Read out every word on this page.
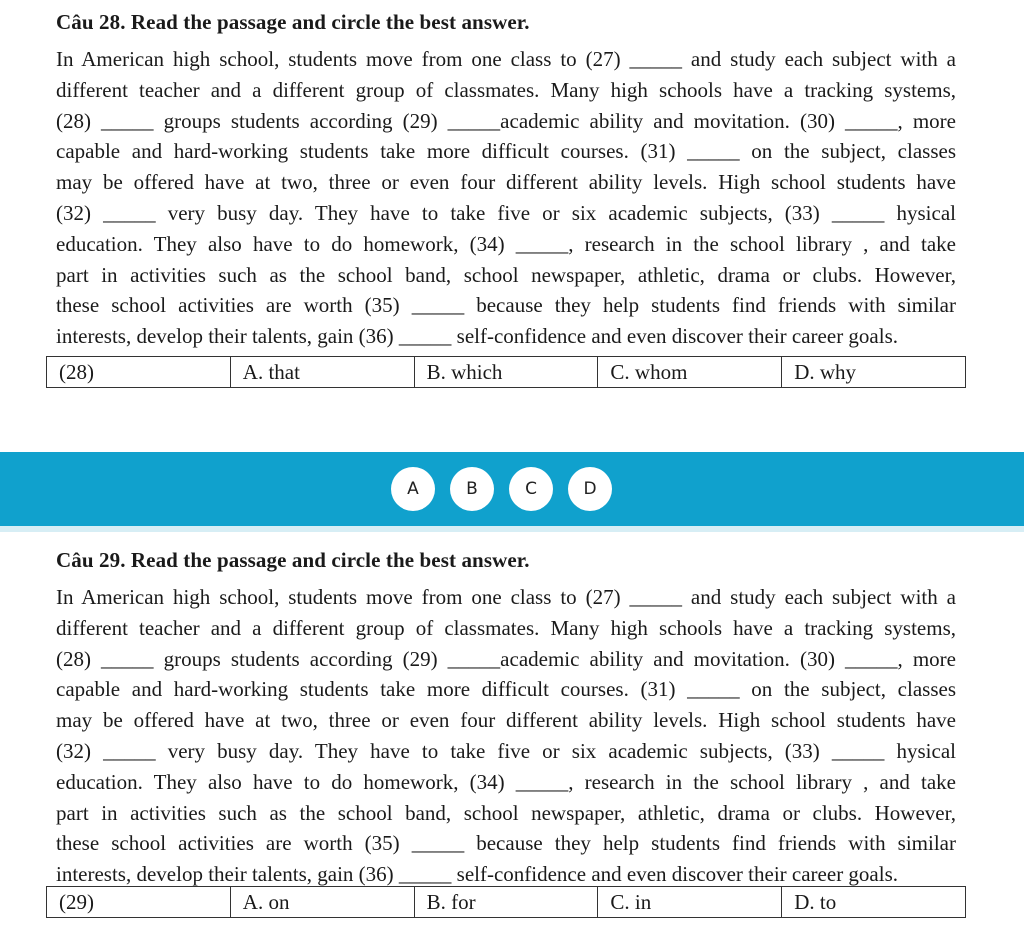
Câu 28. Read the passage and circle the best answer.
In American high school, students move from one class to (27) _____ and study each subject with a
different teacher and a different group of classmates. Many high schools have a tracking systems,
(28) _____ groups students according (29) _____academic ability and movitation. (30) _____, more
capable and hard-working students take more difficult courses. (31) _____ on the subject, classes
may be offered have at two, three or even four different ability levels. High school students have
(32) _____ very busy day. They have to take five or six academic subjects, (33) _____ hysical
education. They also have to do homework, (34) _____, research in the school library , and take
part in activities such as the school band, school newspaper, athletic, drama or clubs. However,
these school activities are worth (35) _____ because they help students find friends with similar
interests, develop their talents, gain (36) _____ self-confidence and even discover their career goals.
(28)	A. that	B. which	C. whom	D. why
A	B	C	D
Câu 29. Read the passage and circle the best answer.
In American high school, students move from one class to (27) _____ and study each subject with a
different teacher and a different group of classmates. Many high schools have a tracking systems,
(28) _____ groups students according (29) _____academic ability and movitation. (30) _____, more
capable and hard-working students take more difficult courses. (31) _____ on the subject, classes
may be offered have at two, three or even four different ability levels. High school students have
(32) _____ very busy day. They have to take five or six academic subjects, (33) _____ hysical
education. They also have to do homework, (34) _____, research in the school library , and take
part in activities such as the school band, school newspaper, athletic, drama or clubs. However,
these school activities are worth (35) _____ because they help students find friends with similar
interests, develop their talents, gain (36) _____ self-confidence and even discover their career goals.
(29)	A. on	B. for	C. in	D. to
